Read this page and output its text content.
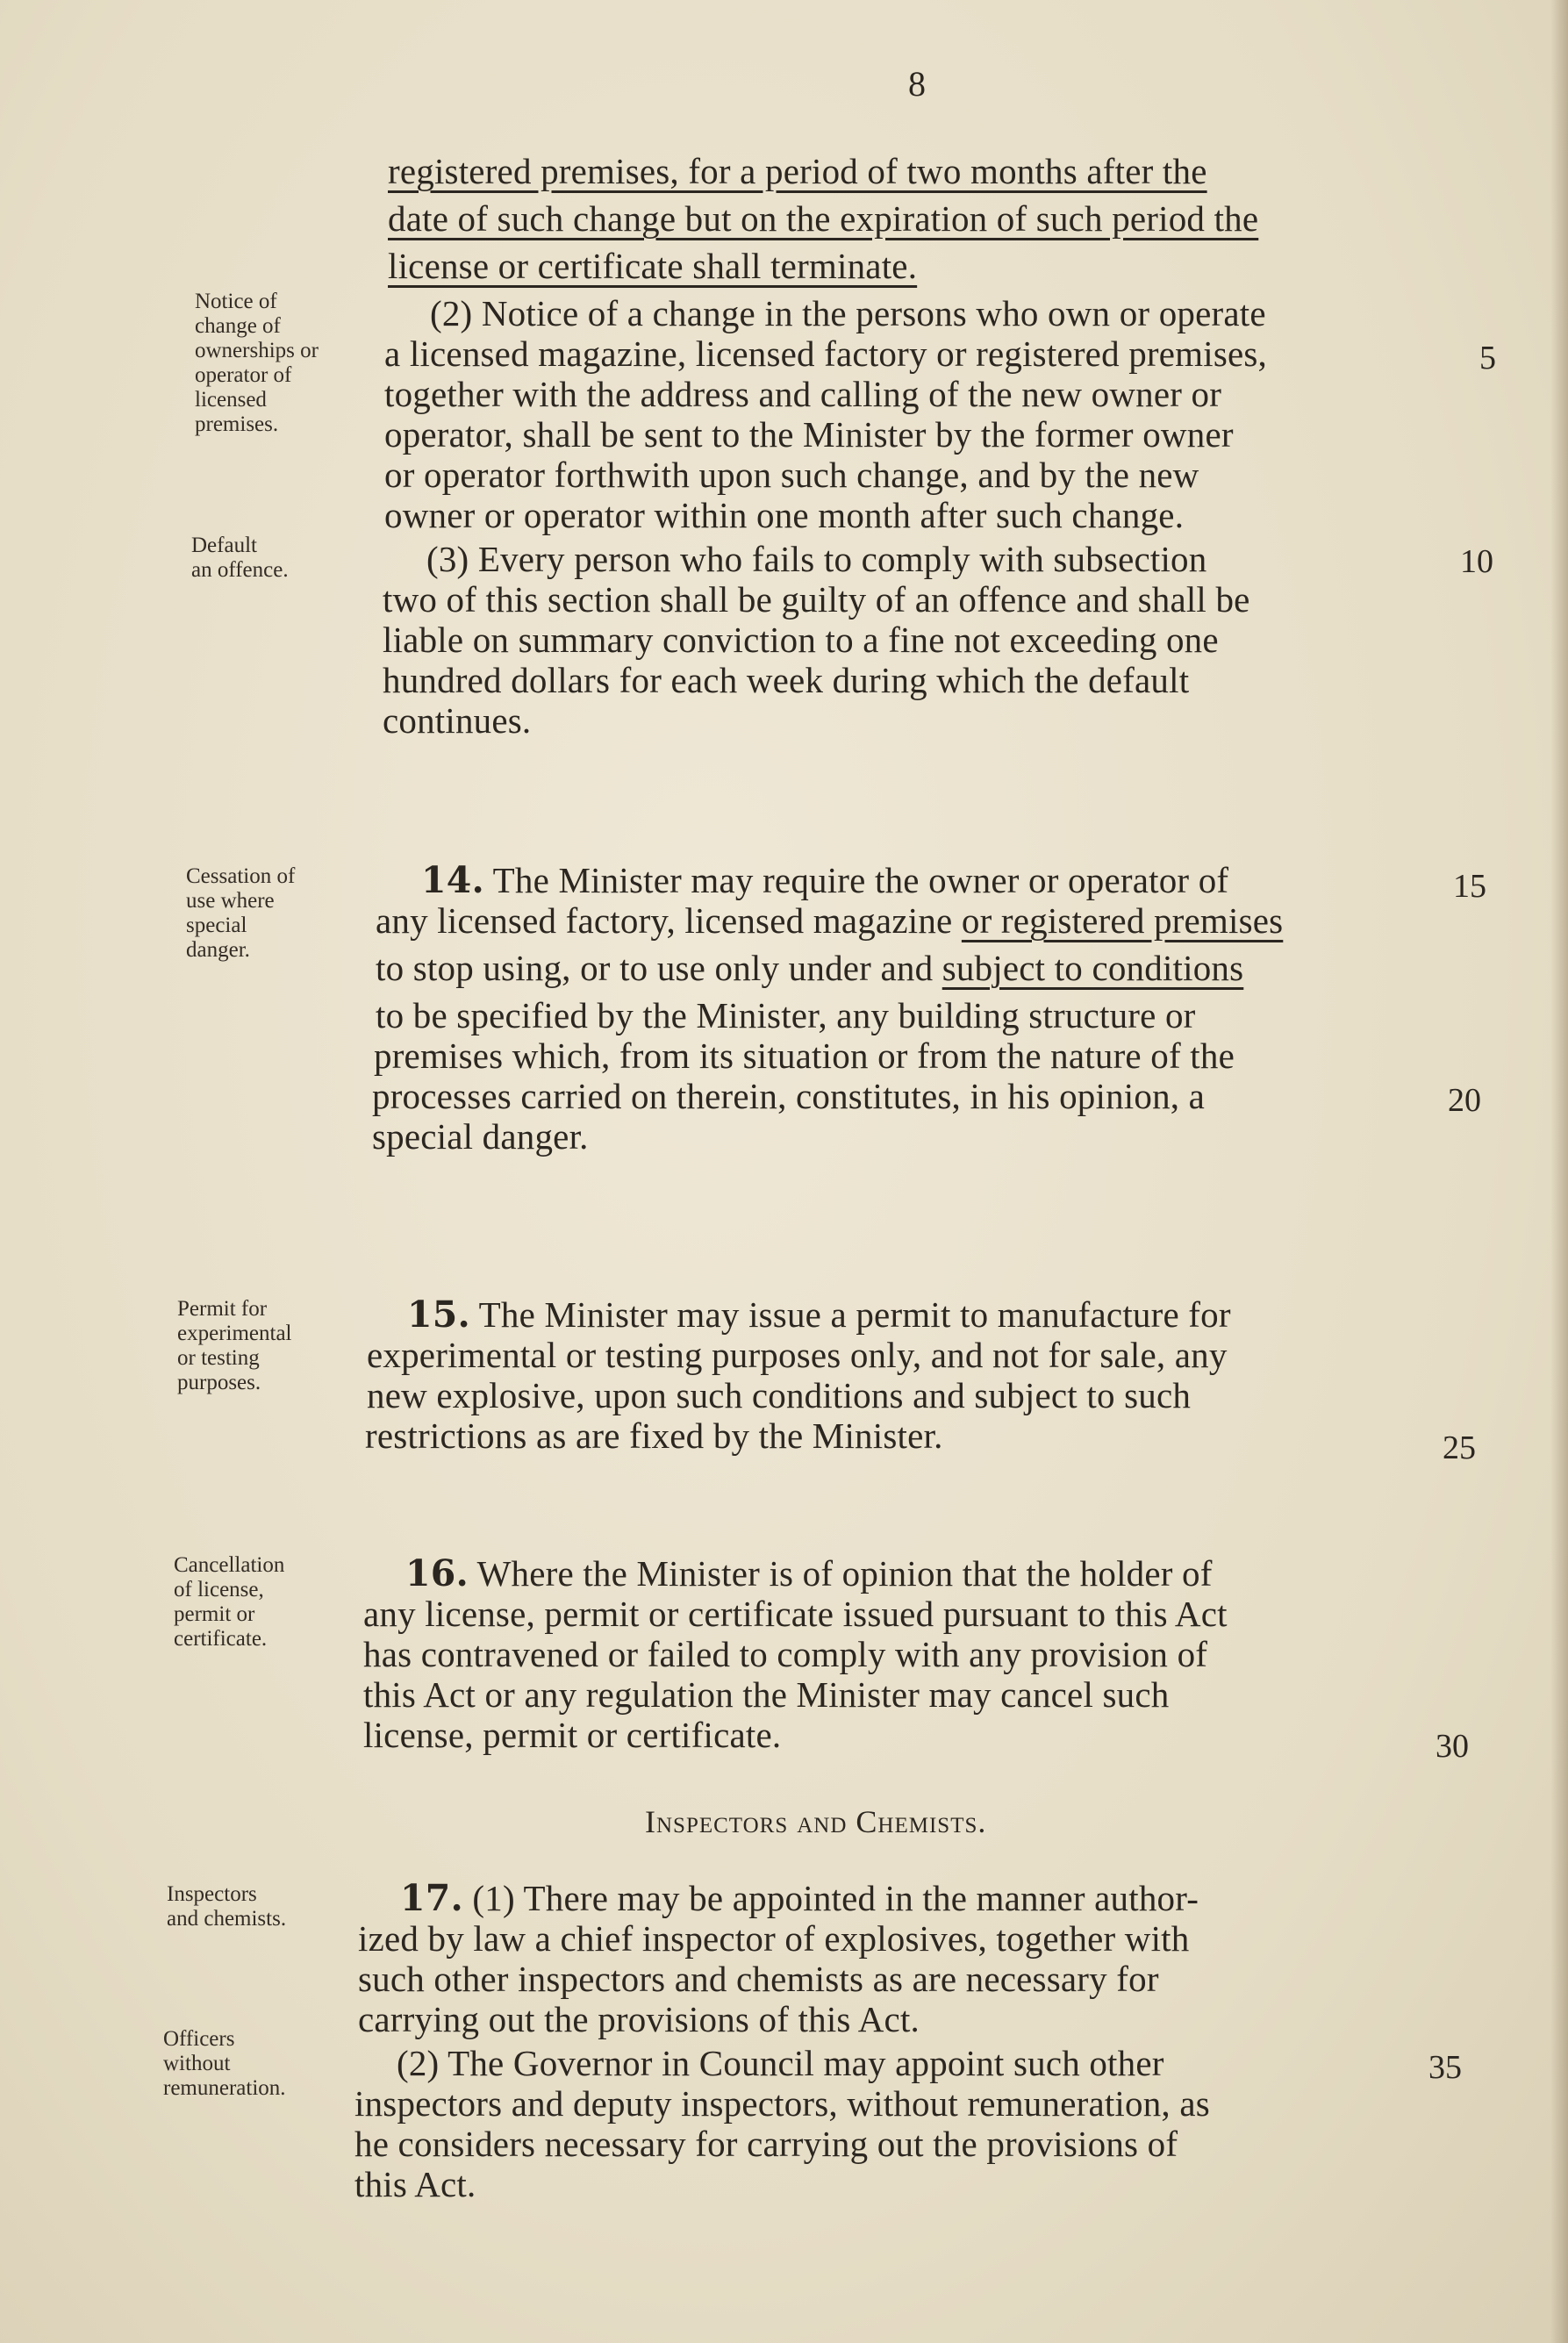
8
Notice of
change of
ownerships or
operator of
licensed
premises.
Default
an offence.
Cessation of
use where
special
danger.
Permit for
experimental
or testing
purposes.
Cancellation
of license,
permit or
certificate.
Inspectors
and chemists.
Officers
without
remuneration.
registered premises, for a period of two months after the
date of such change but on the expiration of such period the
license or certificate shall terminate.
(2) Notice of a change in the persons who own or operate
a licensed magazine, licensed factory or registered premises,
together with the address and calling of the new owner or
operator, shall be sent to the Minister by the former owner
or operator forthwith upon such change, and by the new
owner or operator within one month after such change.
(3) Every person who fails to comply with subsection
two of this section shall be guilty of an offence and shall be
liable on summary conviction to a fine not exceeding one
hundred dollars for each week during which the default
continues.
14. The Minister may require the owner or operator of
any licensed factory, licensed magazine or registered premises
to stop using, or to use only under and subject to conditions
to be specified by the Minister, any building structure or
premises which, from its situation or from the nature of the
processes carried on therein, constitutes, in his opinion, a
special danger.
15. The Minister may issue a permit to manufacture for
experimental or testing purposes only, and not for sale, any
new explosive, upon such conditions and subject to such
restrictions as are fixed by the Minister.
16. Where the Minister is of opinion that the holder of
any license, permit or certificate issued pursuant to this Act
has contravened or failed to comply with any provision of
this Act or any regulation the Minister may cancel such
license, permit or certificate.
Inspectors and Chemists.
17. (1) There may be appointed in the manner author-
ized by law a chief inspector of explosives, together with
such other inspectors and chemists as are necessary for
carrying out the provisions of this Act.
(2) The Governor in Council may appoint such other
inspectors and deputy inspectors, without remuneration, as
he considers necessary for carrying out the provisions of
this Act.
5
10
15
20
25
30
35
